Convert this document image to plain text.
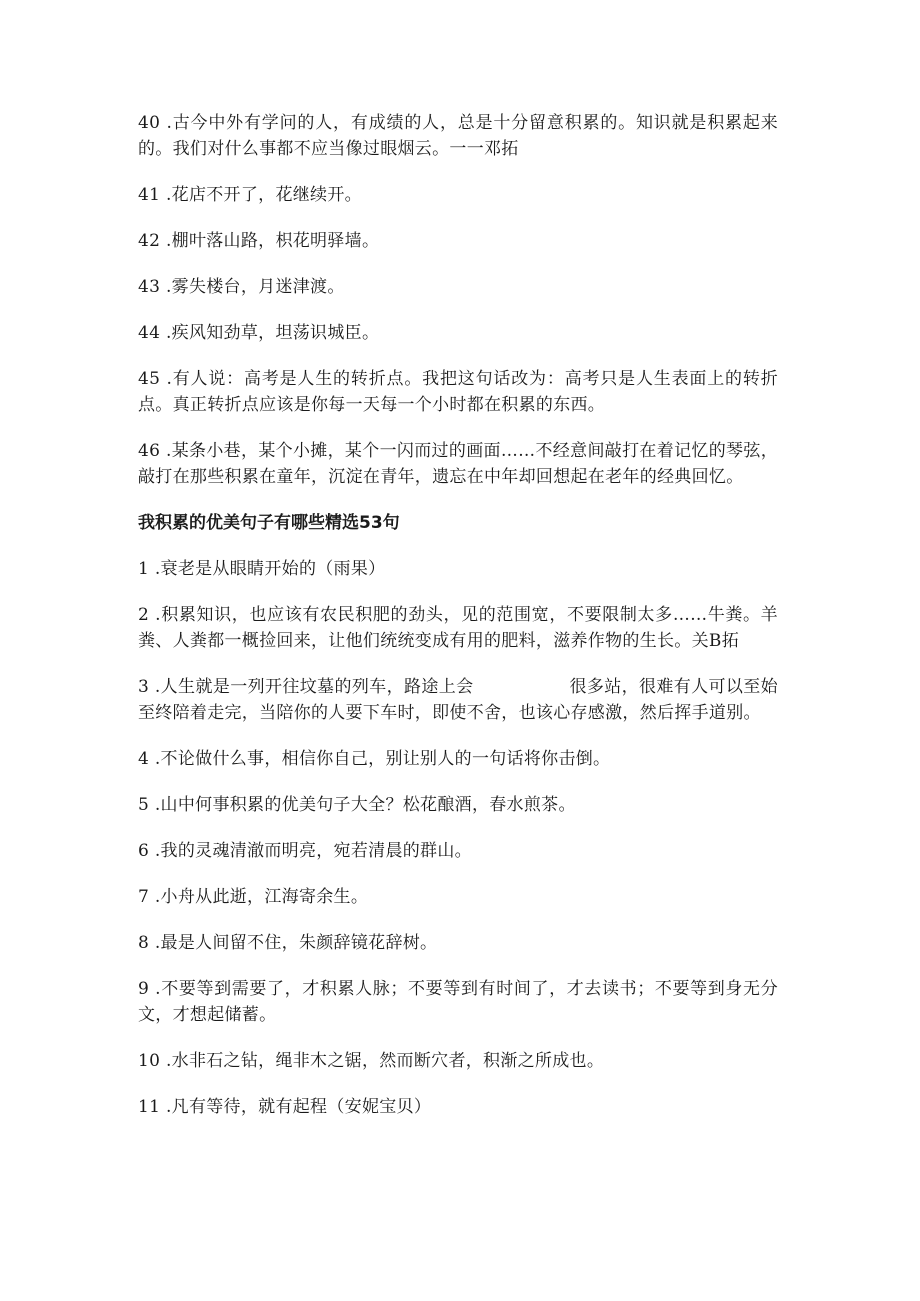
40 .古今中外有学问的人，有成绩的人，总是十分留意积累的。知识就是积累起来的。我们对什么事都不应当像过眼烟云。一一邓拓

41 .花店不开了，花继续开。

42 .棚叶落山路，枳花明驿墙。

43 .雾失楼台，月迷津渡。

44 .疾风知劲草，坦荡识城臣。

45 .有人说：高考是人生的转折点。我把这句话改为：高考只是人生表面上的转折点。真正转折点应该是你每一天每一个小时都在积累的东西。

46 .某条小巷，某个小摊，某个一闪而过的画面……不经意间敲打在着记忆的琴弦，敲打在那些积累在童年，沉淀在青年，遗忘在中年却回想起在老年的经典回忆。

我积累的优美句子有哪些精选53句

1 .衰老是从眼睛开始的（雨果）

2 .积累知识，也应该有农民积肥的劲头，见的范围宽，不要限制太多……牛粪。羊粪、人粪都一概捡回来，让他们统统变成有用的肥料，滋养作物的生长。关B拓

3 .人生就是一列开往坟墓的列车，路途上会	很多站，很难有人可以至始至终陪着走完，当陪你的人要下车时，即使不舍，也该心存感激，然后挥手道别。

4 .不论做什么事，相信你自己，别让别人的一句话将你击倒。

5 .山中何事积累的优美句子大全？松花酿酒，春水煎茶。

6 .我的灵魂清澈而明亮，宛若清晨的群山。

7 .小舟从此逝，江海寄余生。

8 .最是人间留不住，朱颜辞镜花辞树。

9 .不要等到需要了，才积累人脉；不要等到有时间了，才去读书；不要等到身无分文，才想起储蓄。

10 .水非石之钻，绳非木之锯，然而断穴者，积渐之所成也。

11 .凡有等待，就有起程（安妮宝贝）
